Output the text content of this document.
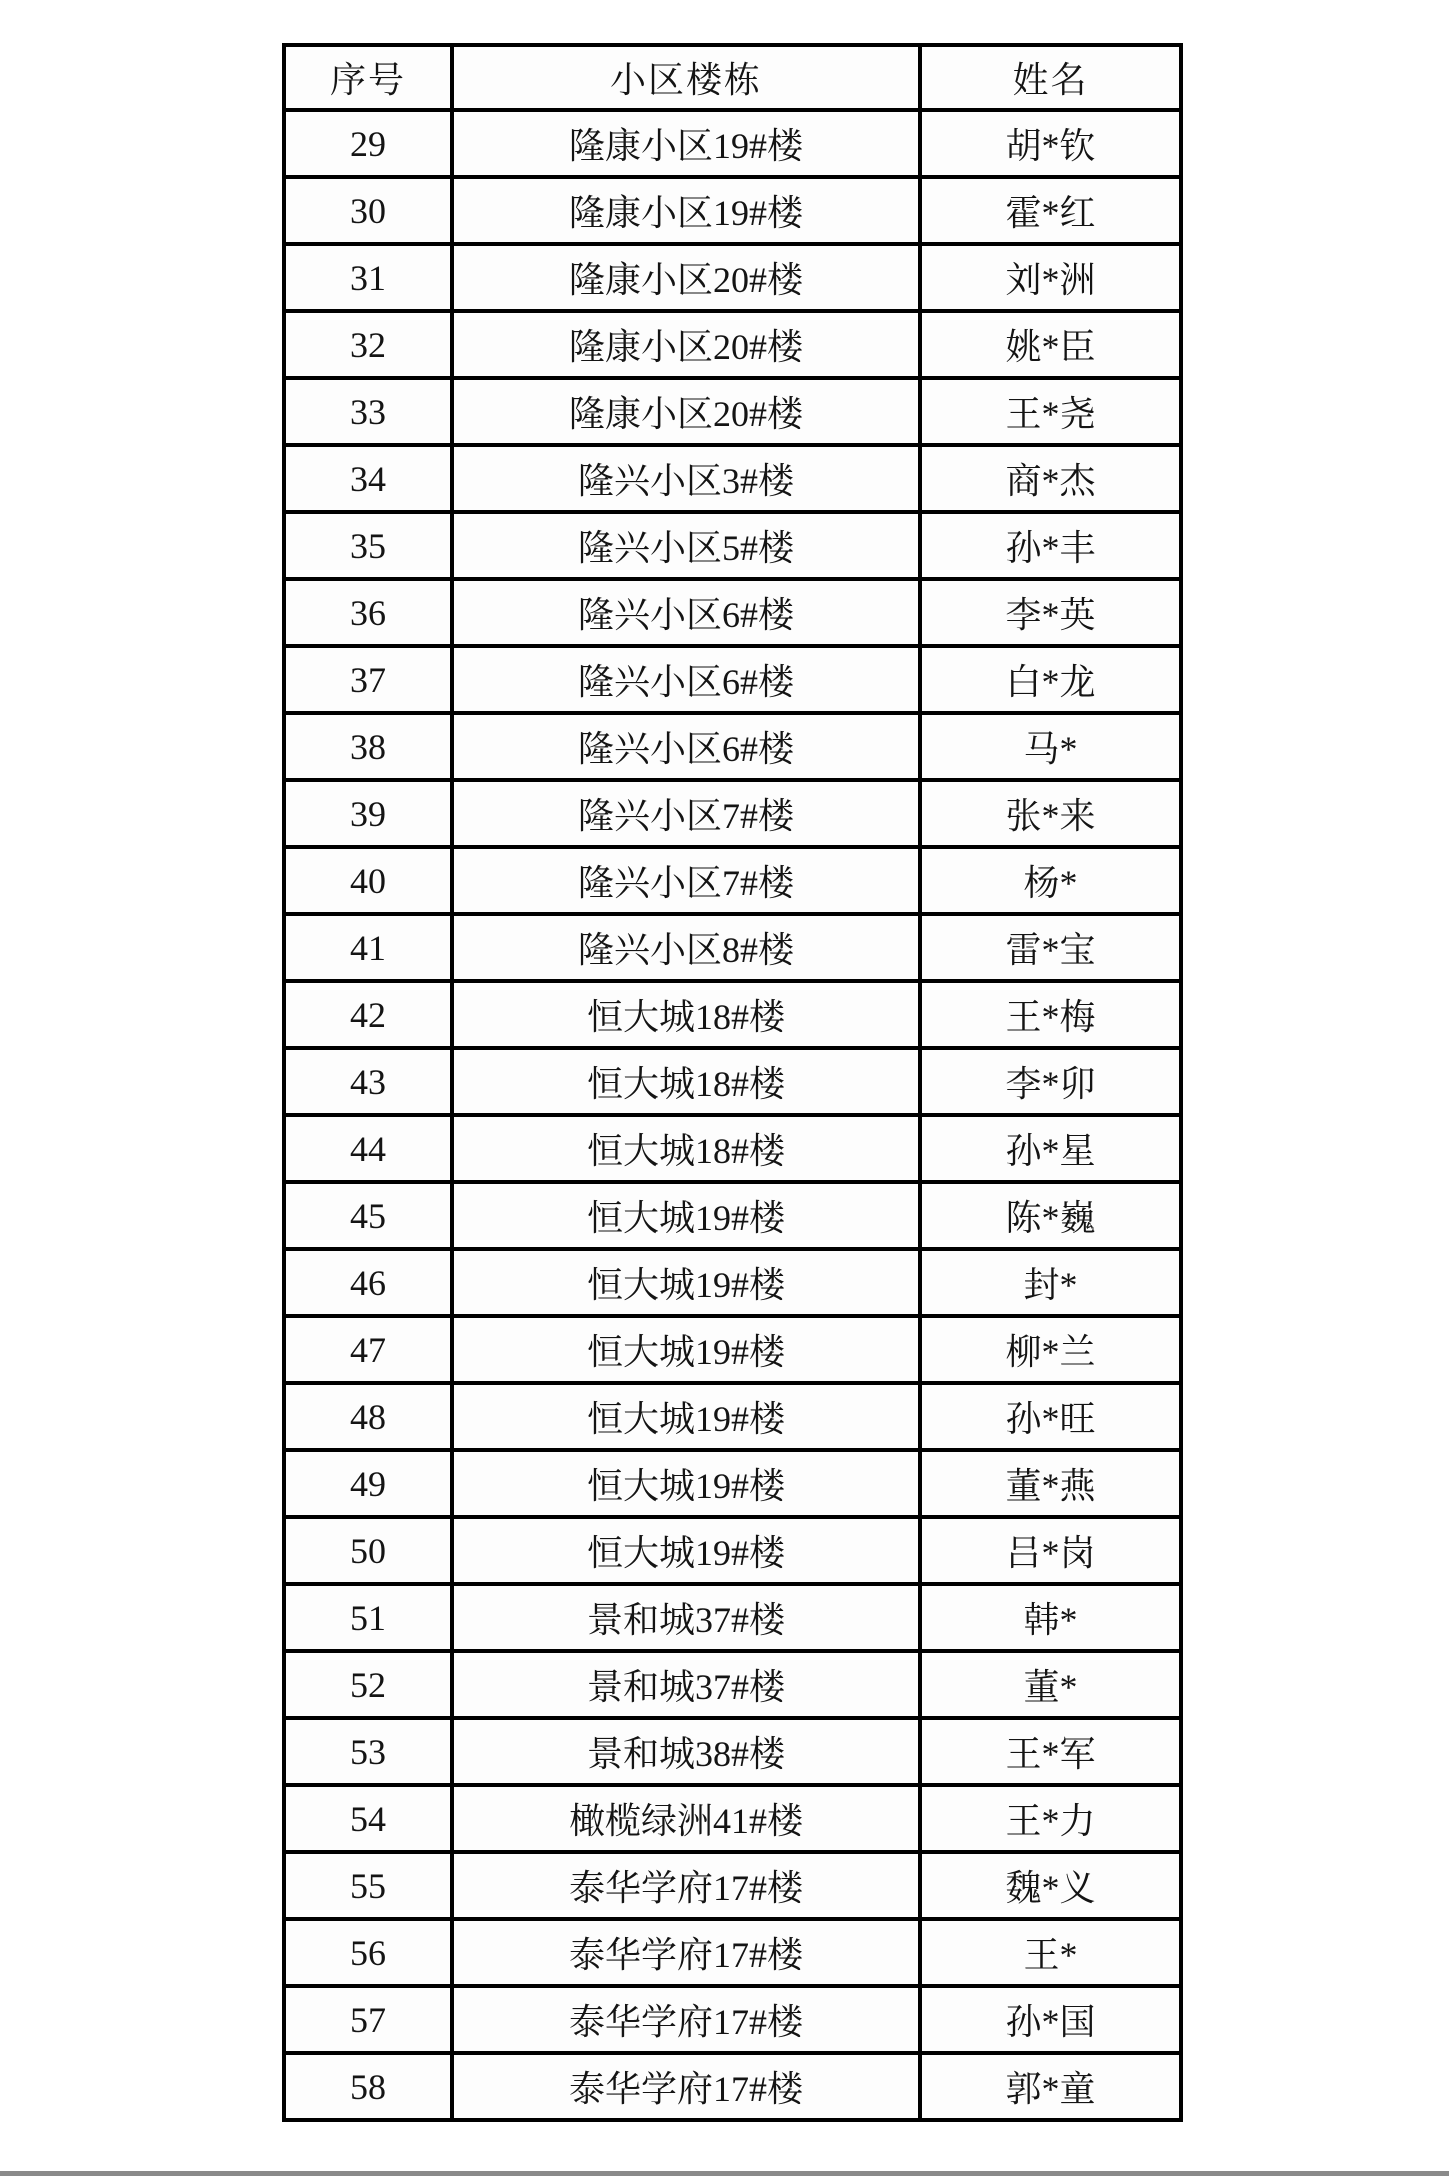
序号	小区楼栋	姓名
29	隆康小区19#楼	胡*钦
30	隆康小区19#楼	霍*红
31	隆康小区20#楼	刘*洲
32	隆康小区20#楼	姚*臣
33	隆康小区20#楼	王*尧
34	隆兴小区3#楼	商*杰
35	隆兴小区5#楼	孙*丰
36	隆兴小区6#楼	李*英
37	隆兴小区6#楼	白*龙
38	隆兴小区6#楼	马*
39	隆兴小区7#楼	张*来
40	隆兴小区7#楼	杨*
41	隆兴小区8#楼	雷*宝
42	恒大城18#楼	王*梅
43	恒大城18#楼	李*卯
44	恒大城18#楼	孙*星
45	恒大城19#楼	陈*巍
46	恒大城19#楼	封*
47	恒大城19#楼	柳*兰
48	恒大城19#楼	孙*旺
49	恒大城19#楼	董*燕
50	恒大城19#楼	吕*岗
51	景和城37#楼	韩*
52	景和城37#楼	董*
53	景和城38#楼	王*军
54	橄榄绿洲41#楼	王*力
55	泰华学府17#楼	魏*义
56	泰华学府17#楼	王*
57	泰华学府17#楼	孙*国
58	泰华学府17#楼	郭*童
